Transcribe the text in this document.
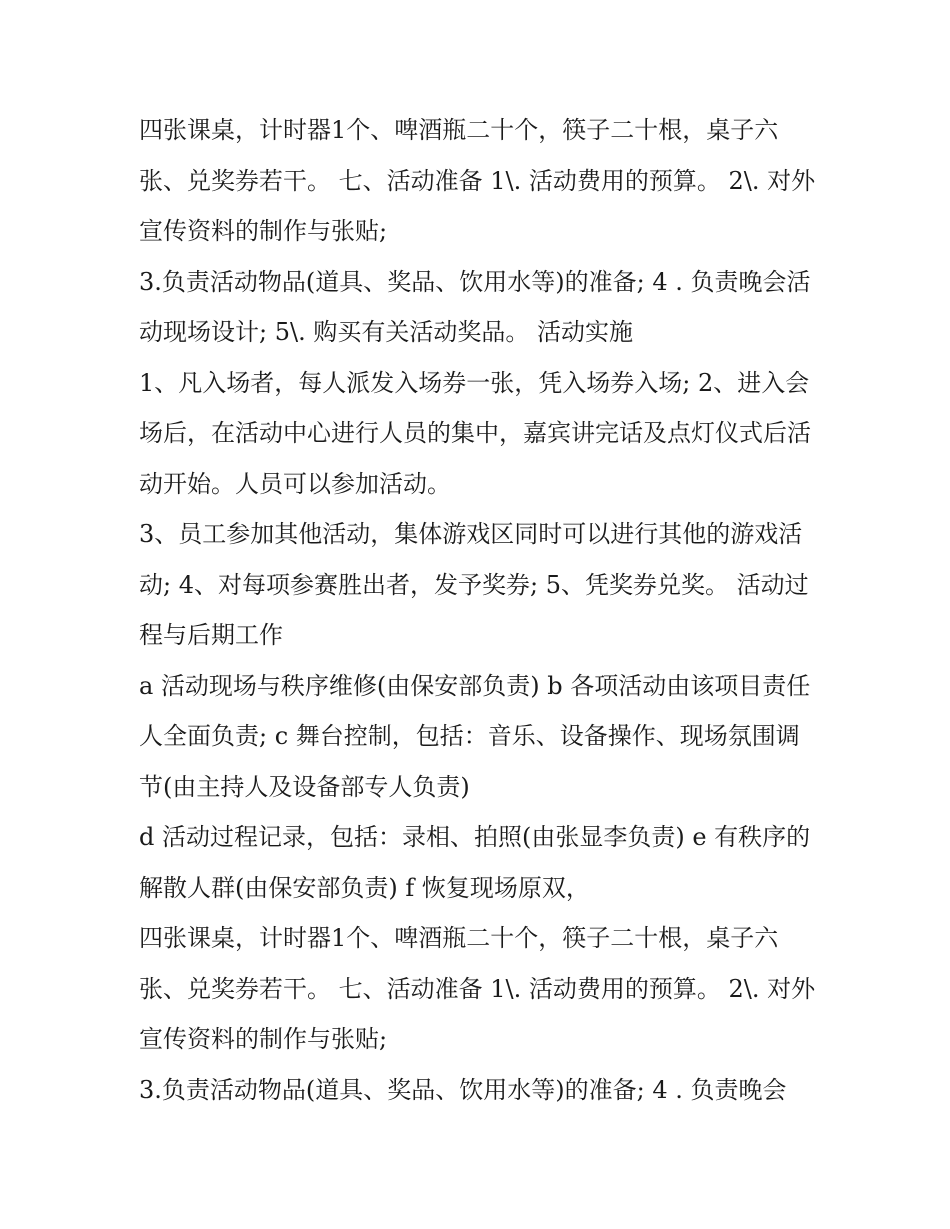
四张课桌，计时器1个、啤酒瓶二十个，筷子二十根，桌子六张、兑奖券若干。 七、活动准备 1\. 活动费用的预算。 2\. 对外宣传资料的制作与张贴;

3.负责活动物品(道具、奖品、饮用水等)的准备; 4 . 负责晚会活动现场设计; 5\. 购买有关活动奖品。 活动实施

1、凡入场者，每人派发入场券一张，凭入场券入场; 2、进入会场后，在活动中心进行人员的集中，嘉宾讲完话及点灯仪式后活动开始。人员可以参加活动。

3、员工参加其他活动，集体游戏区同时可以进行其他的游戏活动; 4、对每项参赛胜出者，发予奖券; 5、凭奖券兑奖。 活动过程与后期工作

a 活动现场与秩序维修(由保安部负责) b 各项活动由该项目责任人全面负责; c 舞台控制，包括：音乐、设备操作、现场氛围调节(由主持人及设备部专人负责)

d 活动过程记录，包括：录相、拍照(由张显李负责) e 有秩序的解散人群(由保安部负责) f 恢复现场原双，

四张课桌，计时器1个、啤酒瓶二十个，筷子二十根，桌子六张、兑奖券若干。 七、活动准备 1\. 活动费用的预算。 2\. 对外宣传资料的制作与张贴;

3.负责活动物品(道具、奖品、饮用水等)的准备; 4 . 负责晚会
